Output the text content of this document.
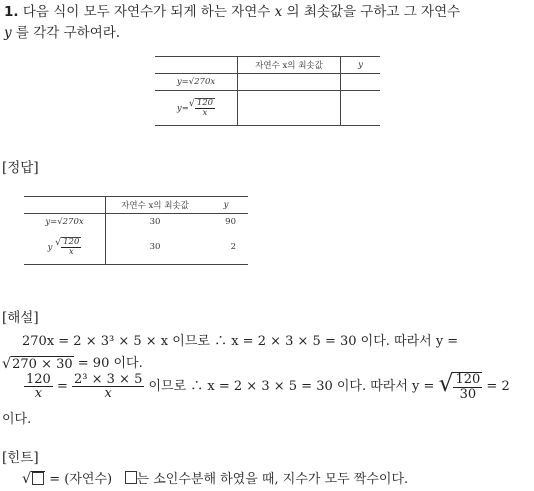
1. 다음 식이 모두 자연수가 되게 하는 자연수 x 의 최솟값을 구하고 그 자연수
y 를 각각 구하여라.
	자연수 x의 최솟값	y
y=√270x		
y= √ $\frac{120}{x}$

[정답]
	자연수 x의 최솟값	y
y=√270x	30	90
y √ $\frac{120}{x}$	30	2
[해설]
270x = 2 × 3³ × 5 × x 이므로 ∴ x = 2 × 3 × 5 = 30 이다. 따라서 y =
√ 270 × 30 = 90 이다.
$\frac{120}{x} = \frac{\text{2³ × 3 × 5}}{x}$ 이므로 ∴ x = 2 × 3 × 5 = 30 이다. 따라서 y = √ $\frac{120}{30} = 2$
이다.
[힌트]
√ = (자연수) 는 소인수분해 하였을 때, 지수가 모두 짝수이다.
